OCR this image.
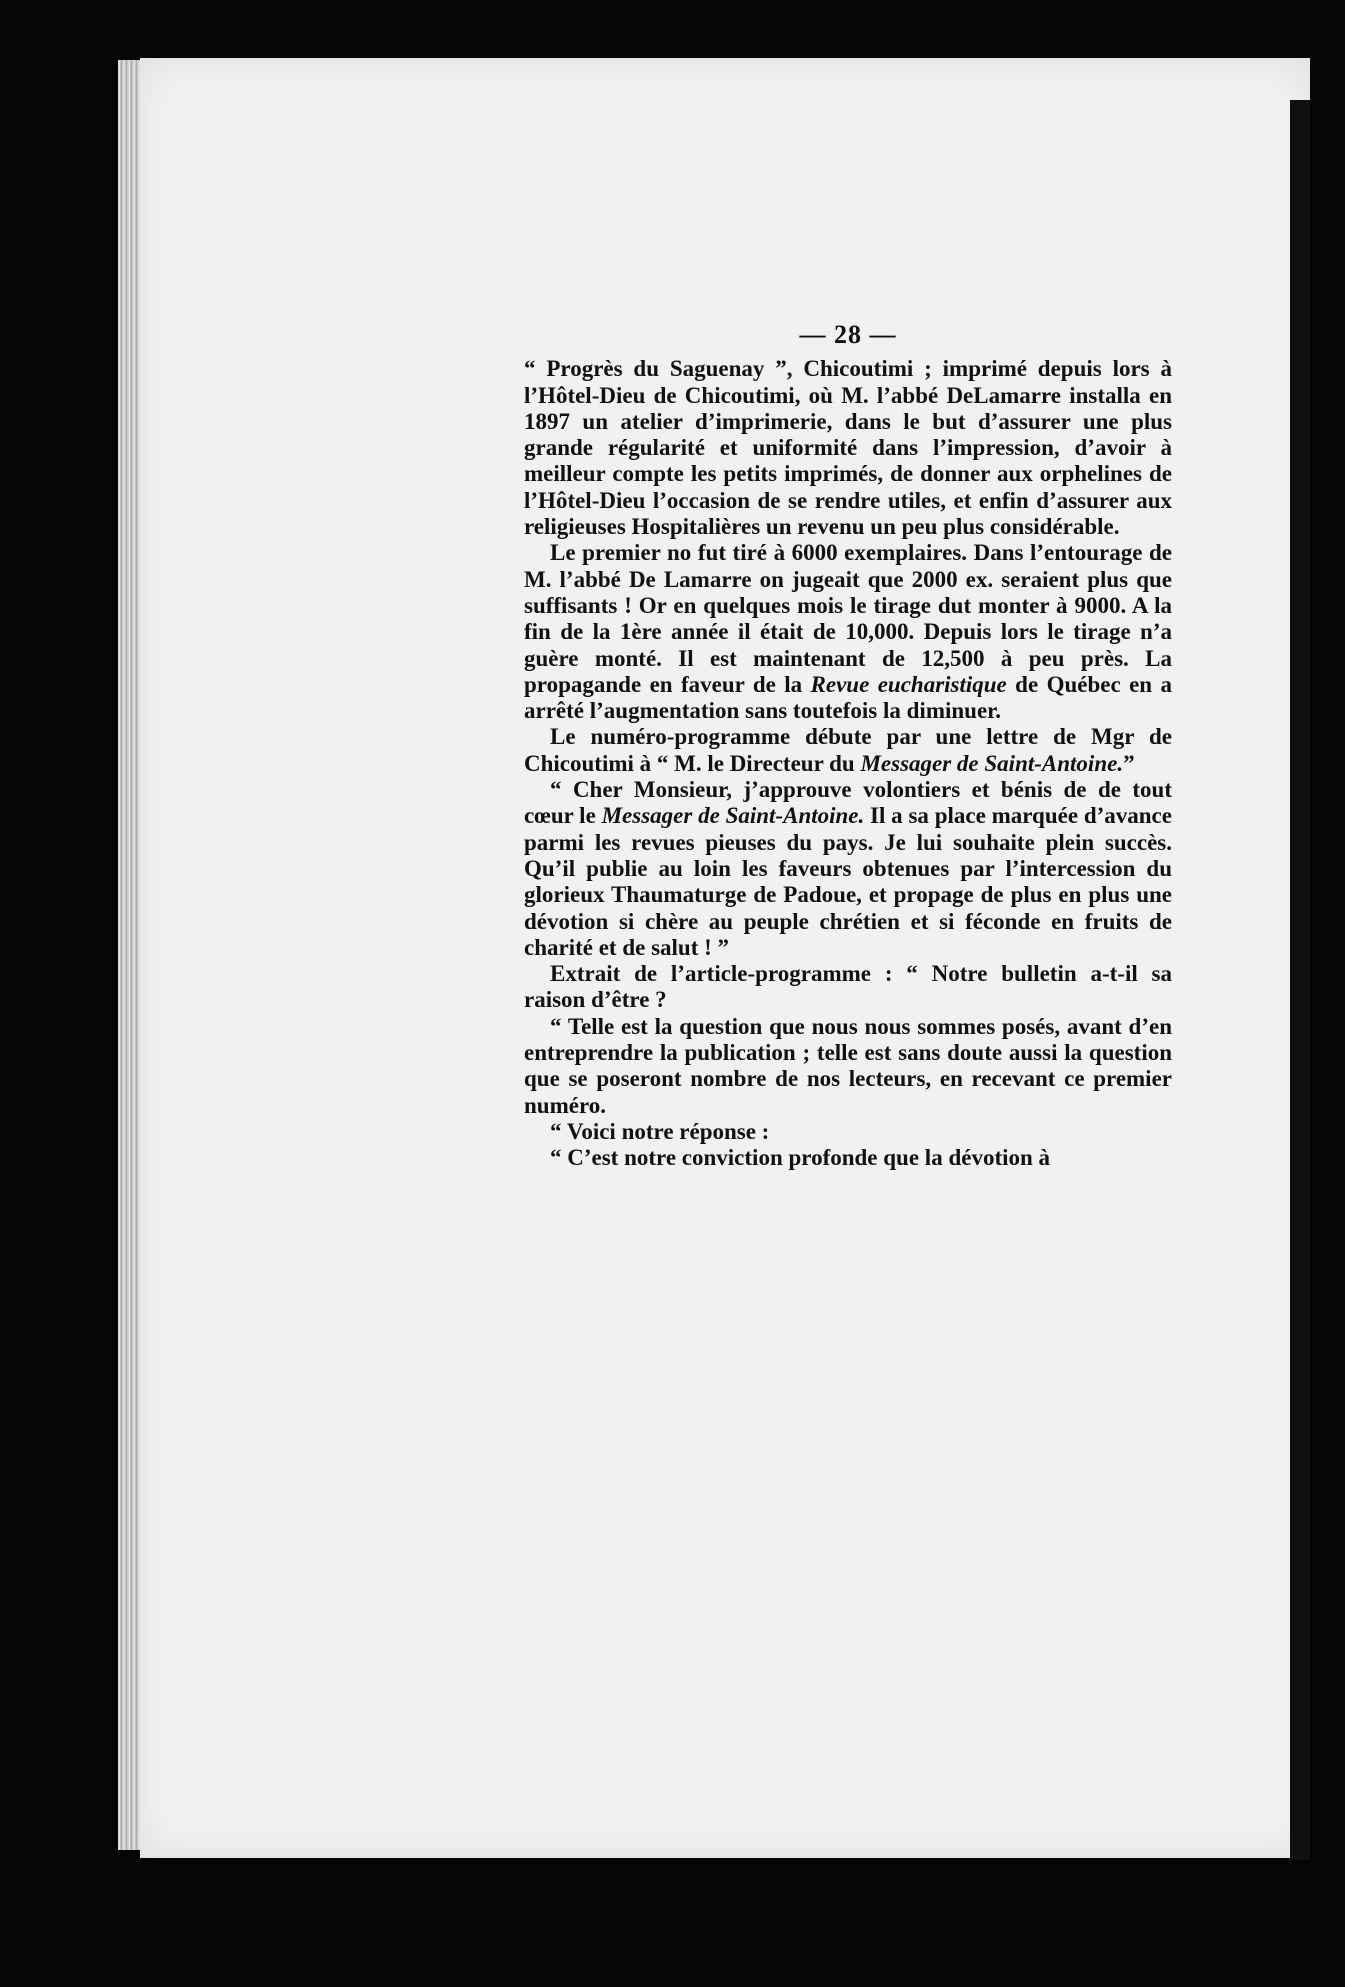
— 28 —

“ Progrès du Saguenay ”, Chicoutimi ; imprimé depuis lors à l’Hôtel-Dieu de Chicoutimi, où M. l’abbé DeLamarre installa en 1897 un atelier d’imprimerie, dans le but d’assurer une plus grande régularité et uniformité dans l’impression, d’avoir à meilleur compte les petits imprimés, de donner aux orphelines de l’Hôtel-Dieu l’occasion de se rendre utiles, et enfin d’assurer aux religieuses Hospitalières un revenu un peu plus considérable.

Le premier no fut tiré à 6000 exemplaires. Dans l’entourage de M. l’abbé De Lamarre on jugeait que 2000 ex. seraient plus que suffisants ! Or en quelques mois le tirage dut monter à 9000. A la fin de la 1ère année il était de 10,000. Depuis lors le tirage n’a guère monté. Il est maintenant de 12,500 à peu près. La propagande en faveur de la Revue eucharistique de Québec en a arrêté l’augmentation sans toutefois la diminuer.

Le numéro-programme débute par une lettre de Mgr de Chicoutimi à “ M. le Directeur du Messager de Saint-Antoine.”

“ Cher Monsieur, j’approuve volontiers et bénis de de tout cœur le Messager de Saint-Antoine. Il a sa place marquée d’avance parmi les revues pieuses du pays. Je lui souhaite plein succès. Qu’il publie au loin les faveurs obtenues par l’intercession du glorieux Thaumaturge de Padoue, et propage de plus en plus une dévotion si chère au peuple chrétien et si féconde en fruits de charité et de salut ! ”

Extrait de l’article-programme : “ Notre bulletin a-t-il sa raison d’être ?

“ Telle est la question que nous nous sommes posés, avant d’en entreprendre la publication ; telle est sans doute aussi la question que se poseront nombre de nos lecteurs, en recevant ce premier numéro.

“ Voici notre réponse :

“ C’est notre conviction profonde que la dévotion à
